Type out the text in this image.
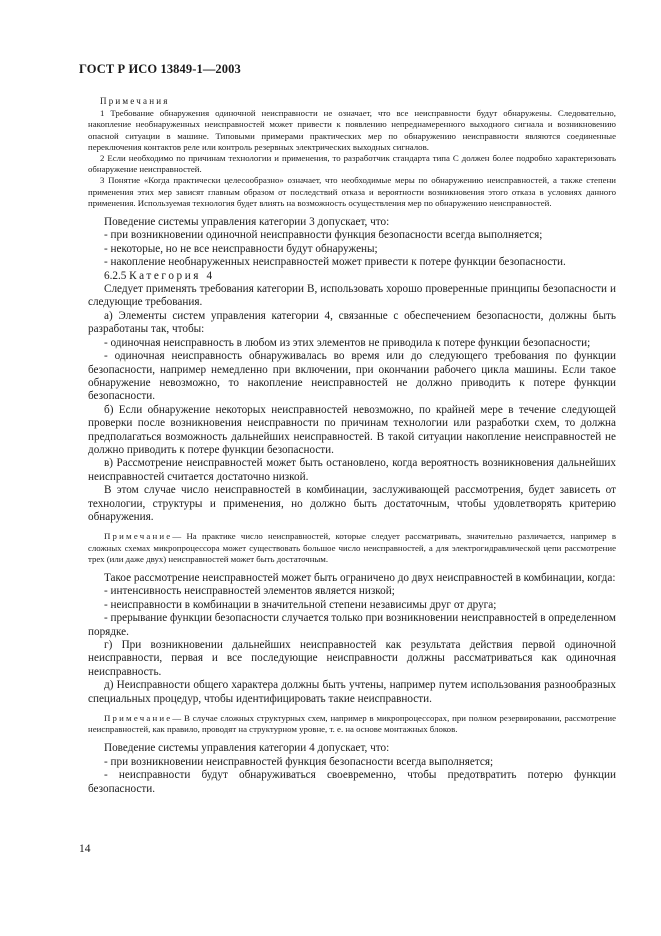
ГОСТ Р ИСО 13849-1—2003
Примечания

1 Требование обнаружения одиночной неисправности не означает, что все неисправности будут обнаружены. Следовательно, накопление необнаруженных неисправностей может привести к появлению непреднамеренного выходного сигнала и возникновению опасной ситуации в машине. Типовыми примерами практических мер по обнаружению неисправности являются соединенные переключения контактов реле или контроль резервных электрических выходных сигналов.

2 Если необходимо по причинам технологии и применения, то разработчик стандарта типа С должен более подробно характеризовать обнаружение неисправностей.

3 Понятие «Когда практически целесообразно» означает, что необходимые меры по обнаружению неисправностей, а также степени применения этих мер зависят главным образом от последствий отказа и вероятности возникновения этого отказа в условиях данного применения. Используемая технология будет влиять на возможность осуществления мер по обнаружению неисправностей.

Поведение системы управления категории 3 допускает, что:

- при возникновении одиночной неисправности функция безопасности всегда выполняется;

- некоторые, но не все неисправности будут обнаружены;

- накопление необнаруженных неисправностей может привести к потере функции безопасности.

6.2.5 Категория 4

Следует применять требования категории В, использовать хорошо проверенные принципы безопасности и следующие требования.

а) Элементы систем управления категории 4, связанные с обеспечением безопасности, должны быть разработаны так, чтобы:

- одиночная неисправность в любом из этих элементов не приводила к потере функции безопасности;

- одиночная неисправность обнаруживалась во время или до следующего требования по функции безопасности, например немедленно при включении, при окончании рабочего цикла машины. Если такое обнаружение невозможно, то накопление неисправностей не должно приводить к потере функции безопасности.

б) Если обнаружение некоторых неисправностей невозможно, по крайней мере в течение следующей проверки после возникновения неисправности по причинам технологии или разработки схем, то должна предполагаться возможность дальнейших неисправностей. В такой ситуации накопление неисправностей не должно приводить к потере функции безопасности.

в) Рассмотрение неисправностей может быть остановлено, когда вероятность возникновения дальнейших неисправностей считается достаточно низкой.

В этом случае число неисправностей в комбинации, заслуживающей рассмотрения, будет зависеть от технологии, структуры и применения, но должно быть достаточным, чтобы удовлетворять критерию обнаружения.

Примечание— На практике число неисправностей, которые следует рассматривать, значительно различается, например в сложных схемах микропроцессора может существовать большое число неисправностей, а для электрогидравлической цепи рассмотрение трех (или даже двух) неисправностей может быть достаточным.

Такое рассмотрение неисправностей может быть ограничено до двух неисправностей в комбинации, когда:

- интенсивность неисправностей элементов является низкой;

- неисправности в комбинации в значительной степени независимы друг от друга;

- прерывание функции безопасности случается только при возникновении неисправностей в определенном порядке.

г) При возникновении дальнейших неисправностей как результата действия первой одиночной неисправности, первая и все последующие неисправности должны рассматриваться как одиночная неисправность.

д) Неисправности общего характера должны быть учтены, например путем использования разнообразных специальных процедур, чтобы идентифицировать такие неисправности.

Примечание— В случае сложных структурных схем, например в микропроцессорах, при полном резервировании, рассмотрение неисправностей, как правило, проводят на структурном уровне, т. е. на основе монтажных блоков.

Поведение системы управления категории 4 допускает, что:

- при возникновении неисправностей функция безопасности всегда выполняется;

- неисправности будут обнаруживаться своевременно, чтобы предотвратить потерю функции безопасности.

14
